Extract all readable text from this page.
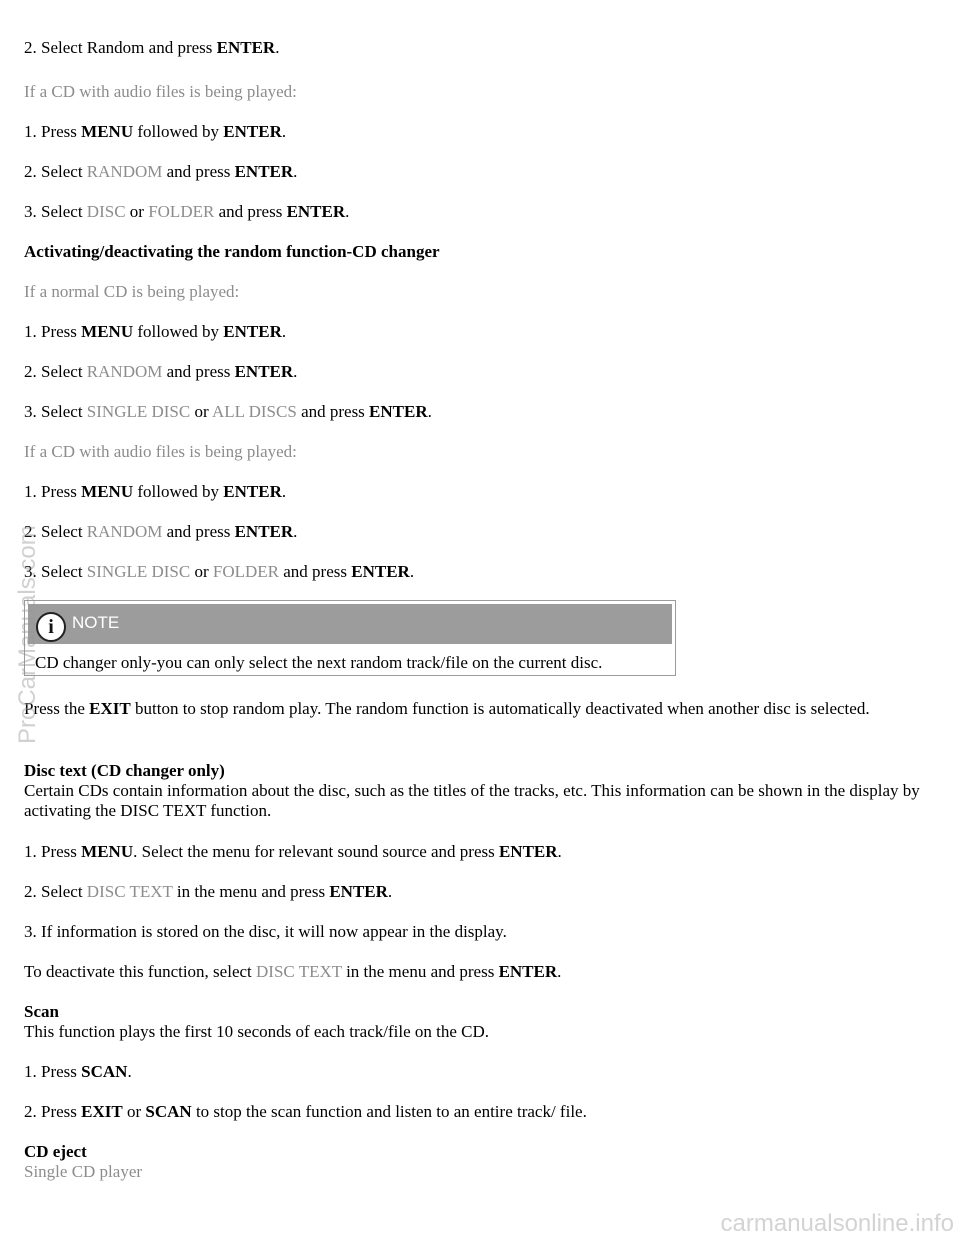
2. Select Random and press ENTER.
If a CD with audio files is being played:
1. Press MENU followed by ENTER.
2. Select RANDOM and press ENTER.
3. Select DISC or FOLDER and press ENTER.
Activating/deactivating the random function-CD changer
If a normal CD is being played:
1. Press MENU followed by ENTER.
2. Select RANDOM and press ENTER.
3. Select SINGLE DISC or ALL DISCS and press ENTER.
If a CD with audio files is being played:
1. Press MENU followed by ENTER.
2. Select RANDOM and press ENTER.
3. Select SINGLE DISC or FOLDER and press ENTER.
i	NOTE
CD changer only-you can only select the next random track/file on the current disc.
Press the EXIT button to stop random play. The random function is automatically deactivated when another disc is selected.
Disc text (CD changer only)
Certain CDs contain information about the disc, such as the titles of the tracks, etc. This information can be shown in the display by activating the DISC TEXT function.
1. Press MENU. Select the menu for relevant sound source and press ENTER.
2. Select DISC TEXT in the menu and press ENTER.
3. If information is stored on the disc, it will now appear in the display.
To deactivate this function, select DISC TEXT in the menu and press ENTER.
Scan
This function plays the first 10 seconds of each track/file on the CD.
1. Press SCAN.
2. Press EXIT or SCAN to stop the scan function and listen to an entire track/ file.
CD eject
Single CD player
ProCarManuals.com
carmanualsonline.info
